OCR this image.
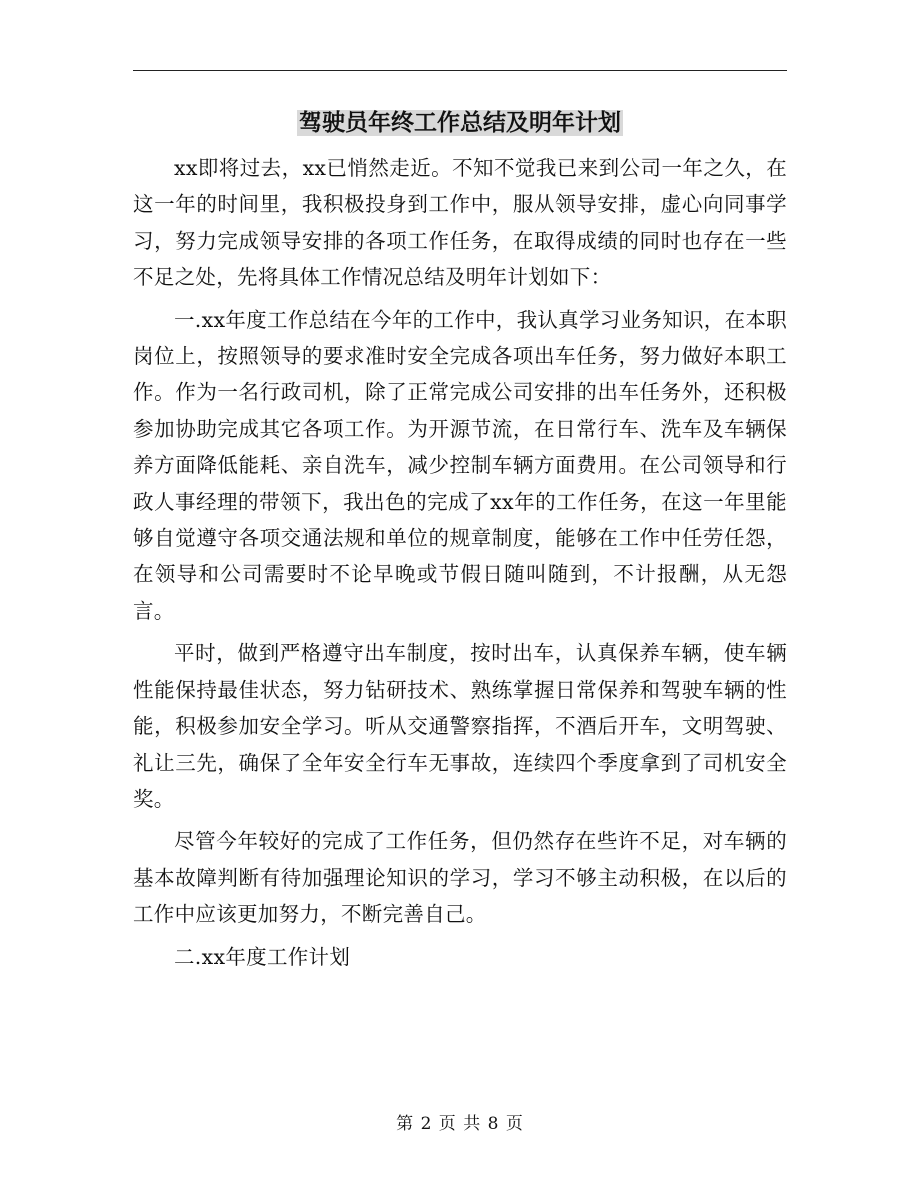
驾驶员年终工作总结及明年计划

xx即将过去，xx已悄然走近。不知不觉我已来到公司一年之久，在这一年的时间里，我积极投身到工作中，服从领导安排，虚心向同事学习，努力完成领导安排的各项工作任务，在取得成绩的同时也存在一些不足之处，先将具体工作情况总结及明年计划如下：

一.xx年度工作总结在今年的工作中，我认真学习业务知识，在本职岗位上，按照领导的要求准时安全完成各项出车任务，努力做好本职工作。作为一名行政司机，除了正常完成公司安排的出车任务外，还积极参加协助完成其它各项工作。为开源节流，在日常行车、洗车及车辆保养方面降低能耗、亲自洗车，减少控制车辆方面费用。在公司领导和行政人事经理的带领下，我出色的完成了xx年的工作任务，在这一年里能够自觉遵守各项交通法规和单位的规章制度，能够在工作中任劳任怨，在领导和公司需要时不论早晚或节假日随叫随到，不计报酬，从无怨言。

平时，做到严格遵守出车制度，按时出车，认真保养车辆，使车辆性能保持最佳状态，努力钻研技术、熟练掌握日常保养和驾驶车辆的性能，积极参加安全学习。听从交通警察指挥，不酒后开车，文明驾驶、礼让三先，确保了全年安全行车无事故，连续四个季度拿到了司机安全奖。

尽管今年较好的完成了工作任务，但仍然存在些许不足，对车辆的基本故障判断有待加强理论知识的学习，学习不够主动积极，在以后的工作中应该更加努力，不断完善自己。

二.xx年度工作计划

第 2 页 共 8 页
